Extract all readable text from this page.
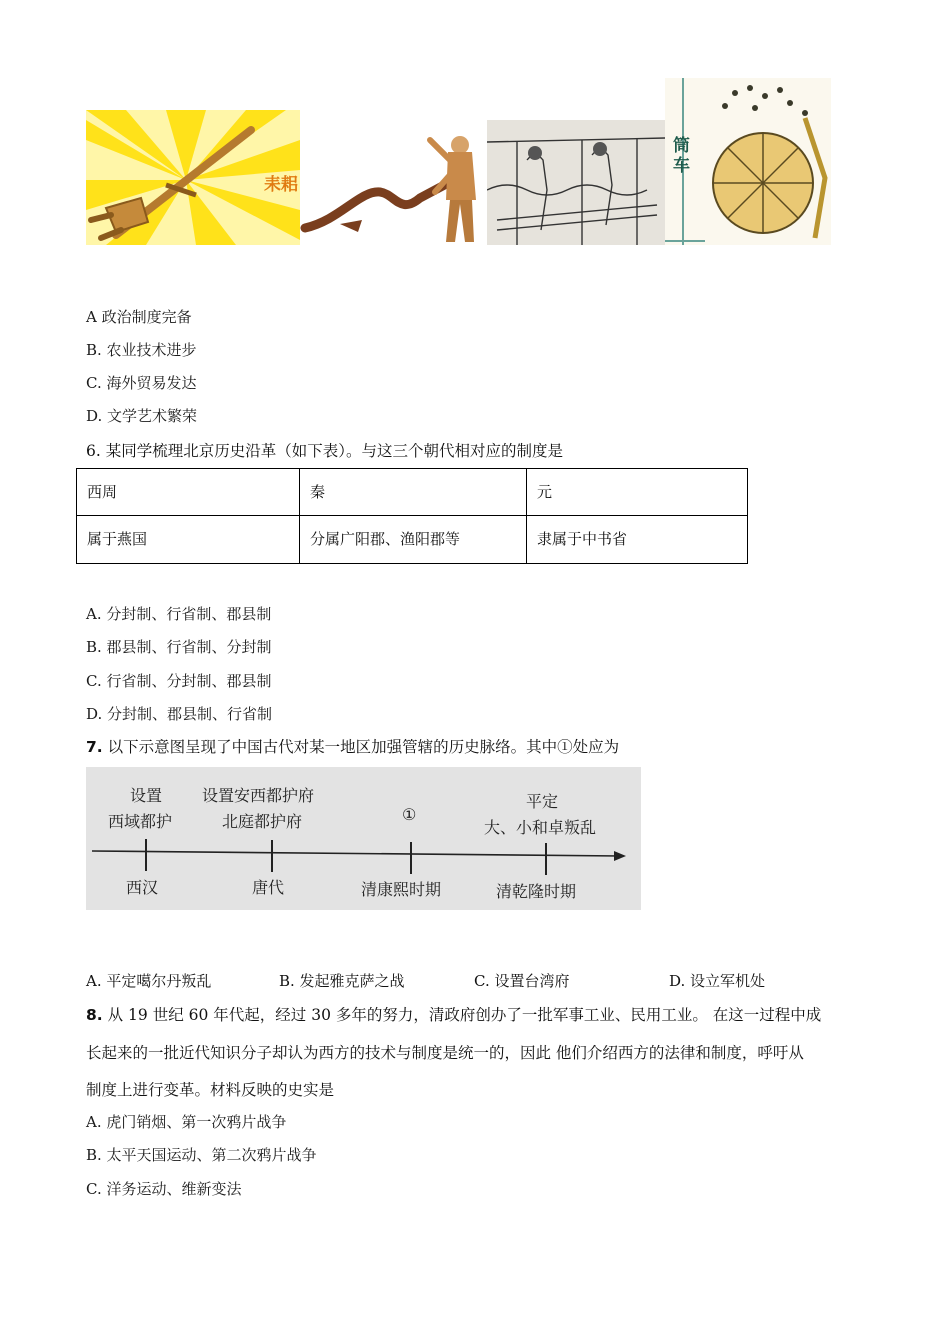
耒耜
筒车
A 政治制度完备
B. 农业技术进步
C. 海外贸易发达
D. 文学艺术繁荣
6. 某同学梳理北京历史沿革（如下表）。与这三个朝代相对应的制度是
西周	秦	元
属于燕国	分属广阳郡、渔阳郡等	隶属于中书省
A. 分封制、行省制、郡县制
B. 郡县制、行省制、分封制
C. 行省制、分封制、郡县制
D. 分封制、郡县制、行省制
7. 以下示意图呈现了中国古代对某一地区加强管辖的历史脉络。其中①处应为
设置
西域都护
西汉
设置安西都护府
北庭都护府
唐代
①
清康熙时期
平定
大、小和卓叛乱
清乾隆时期
A. 平定噶尔丹叛乱	B. 发起雅克萨之战	C. 设置台湾府	D. 设立军机处
8. 从 19 世纪 60 年代起，经过 30 多年的努力，清政府创办了一批军事工业、民用工业。 在这一过程中成
长起来的一批近代知识分子却认为西方的技术与制度是统一的，因此 他们介绍西方的法律和制度，呼吁从
制度上进行变革。材料反映的史实是
A. 虎门销烟、第一次鸦片战争
B. 太平天国运动、第二次鸦片战争
C. 洋务运动、维新变法
